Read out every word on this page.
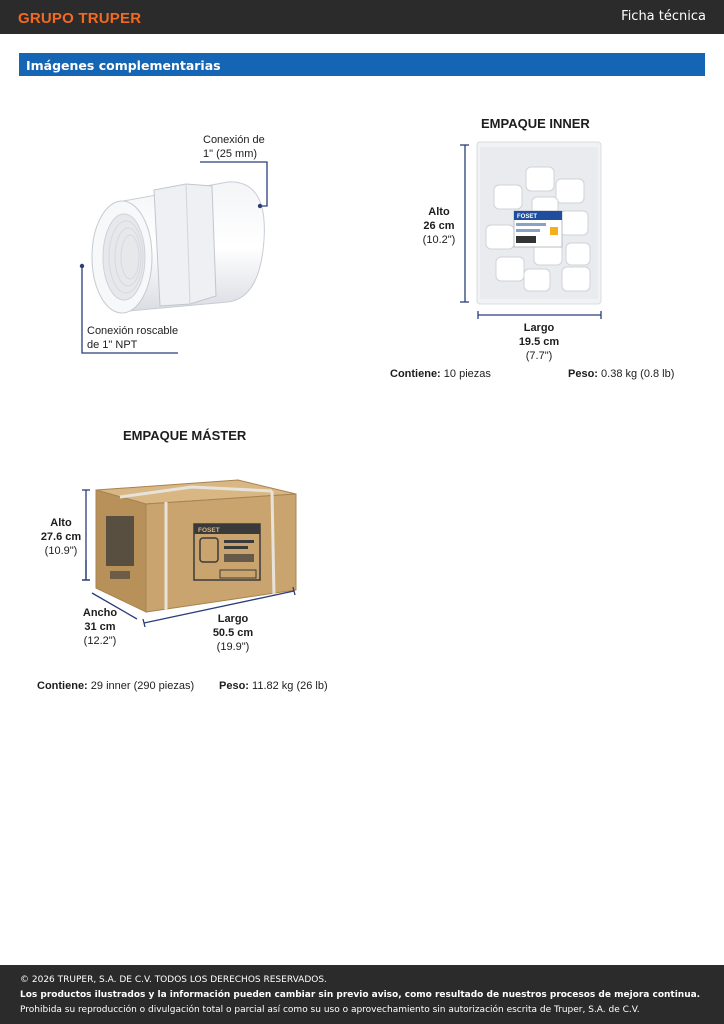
GRUPO TRUPER	Ficha técnica
Imágenes complementarias
Conexión de
1" (25 mm)
Conexión roscable
de 1" NPT
EMPAQUE INNER
FOSET
Alto
26 cm
(10.2")
Largo
19.5 cm
(7.7")
Contiene: 10 piezas	Peso: 0.38 kg (0.8 lb)
EMPAQUE MÁSTER
FOSET
Alto
27.6 cm
(10.9")
Ancho
31 cm
(12.2")
Largo
50.5 cm
(19.9")
Contiene: 29 inner (290 piezas) Peso: 11.82 kg (26 lb)
© 2026 TRUPER, S.A. DE C.V. TODOS LOS DERECHOS RESERVADOS.
Los productos ilustrados y la información pueden cambiar sin previo aviso, como resultado de nuestros procesos de mejora continua.
Prohibida su reproducción o divulgación total o parcial así como su uso o aprovechamiento sin autorización escrita de Truper, S.A. de C.V.
